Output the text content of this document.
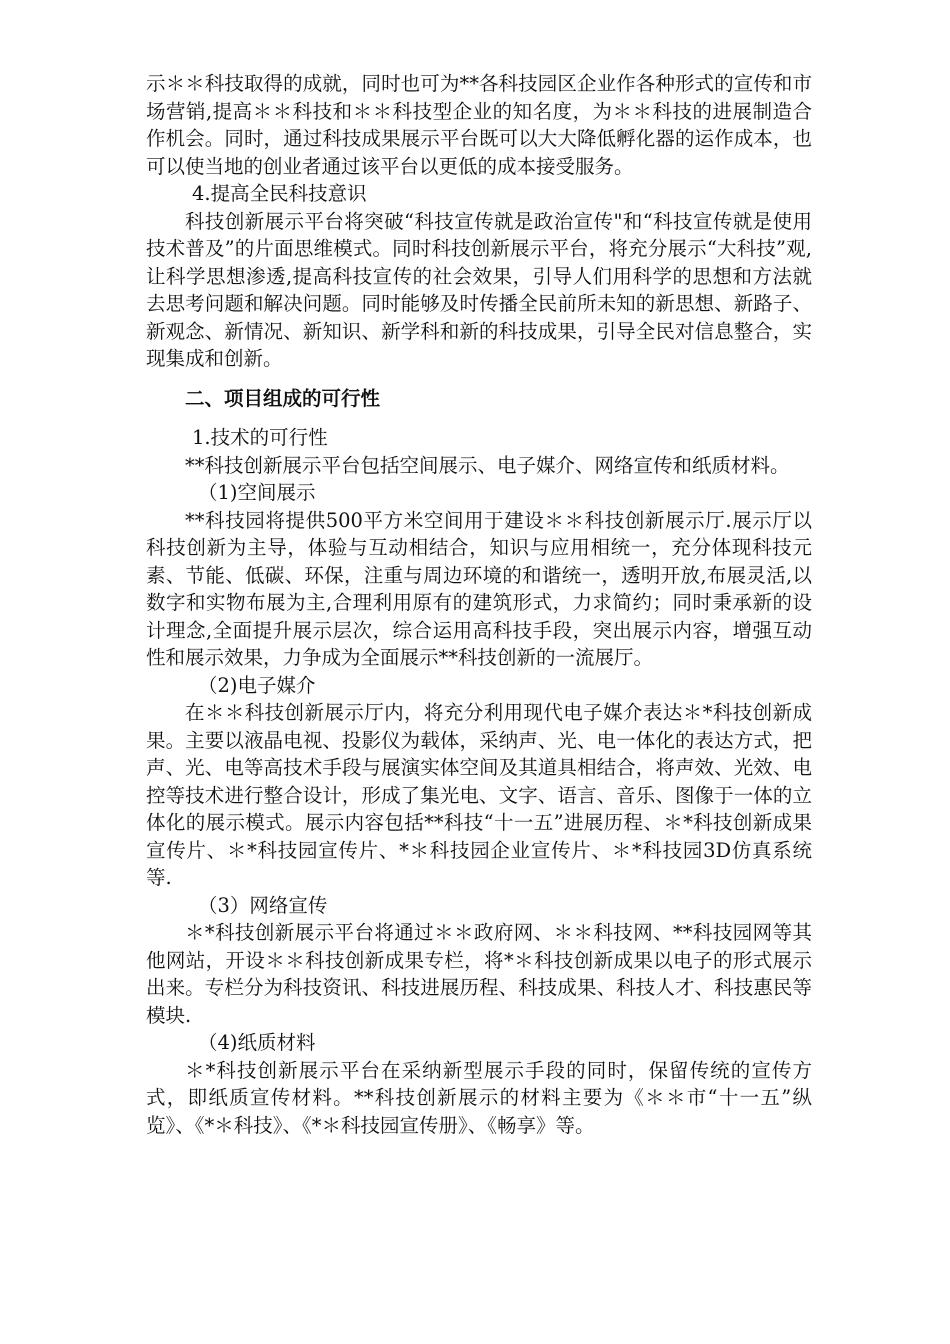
示＊＊科技取得的成就，同时也可为**各科技园区企业作各种形式的宣传和市场营销,提高＊＊科技和＊＊科技型企业的知名度，为＊＊科技的进展制造合作机会。同时，通过科技成果展示平台既可以大大降低孵化器的运作成本，也可以使当地的创业者通过该平台以更低的成本接受服务。

4.提高全民科技意识

科技创新展示平台将突破“科技宣传就是政治宣传"和“科技宣传就是使用技术普及”的片面思维模式。同时科技创新展示平台，将充分展示“大科技”观,让科学思想渗透,提高科技宣传的社会效果，引导人们用科学的思想和方法就去思考问题和解决问题。同时能够及时传播全民前所未知的新思想、新路子、新观念、新情况、新知识、新学科和新的科技成果，引导全民对信息整合，实现集成和创新。

二、项目组成的可行性

1.技术的可行性

**科技创新展示平台包括空间展示、电子媒介、网络宣传和纸质材料。

（1)空间展示

**科技园将提供500平方米空间用于建设＊＊科技创新展示厅.展示厅以科技创新为主导，体验与互动相结合，知识与应用相统一，充分体现科技元素、节能、低碳、环保，注重与周边环境的和谐统一，透明开放,布展灵活,以数字和实物布展为主,合理利用原有的建筑形式，力求简约；同时秉承新的设计理念,全面提升展示层次，综合运用高科技手段，突出展示内容，增强互动性和展示效果，力争成为全面展示**科技创新的一流展厅。

（2)电子媒介

在＊＊科技创新展示厅内，将充分利用现代电子媒介表达＊*科技创新成果。主要以液晶电视、投影仪为载体，采纳声、光、电一体化的表达方式，把声、光、电等高技术手段与展演实体空间及其道具相结合，将声效、光效、电控等技术进行整合设计，形成了集光电、文字、语言、音乐、图像于一体的立体化的展示模式。展示内容包括**科技“十一五”进展历程、＊*科技创新成果宣传片、＊*科技园宣传片、*＊科技园企业宣传片、＊*科技园3D仿真系统等.

（3）网络宣传

＊*科技创新展示平台将通过＊＊政府网、＊＊科技网、**科技园网等其他网站，开设＊＊科技创新成果专栏，将*＊科技创新成果以电子的形式展示出来。专栏分为科技资讯、科技进展历程、科技成果、科技人才、科技惠民等模块.

（4)纸质材料

＊*科技创新展示平台在采纳新型展示手段的同时，保留传统的宣传方式，即纸质宣传材料。**科技创新展示的材料主要为《＊＊市“十一五”纵览》、《*＊科技》、《*＊科技园宣传册》、《畅享》等。
